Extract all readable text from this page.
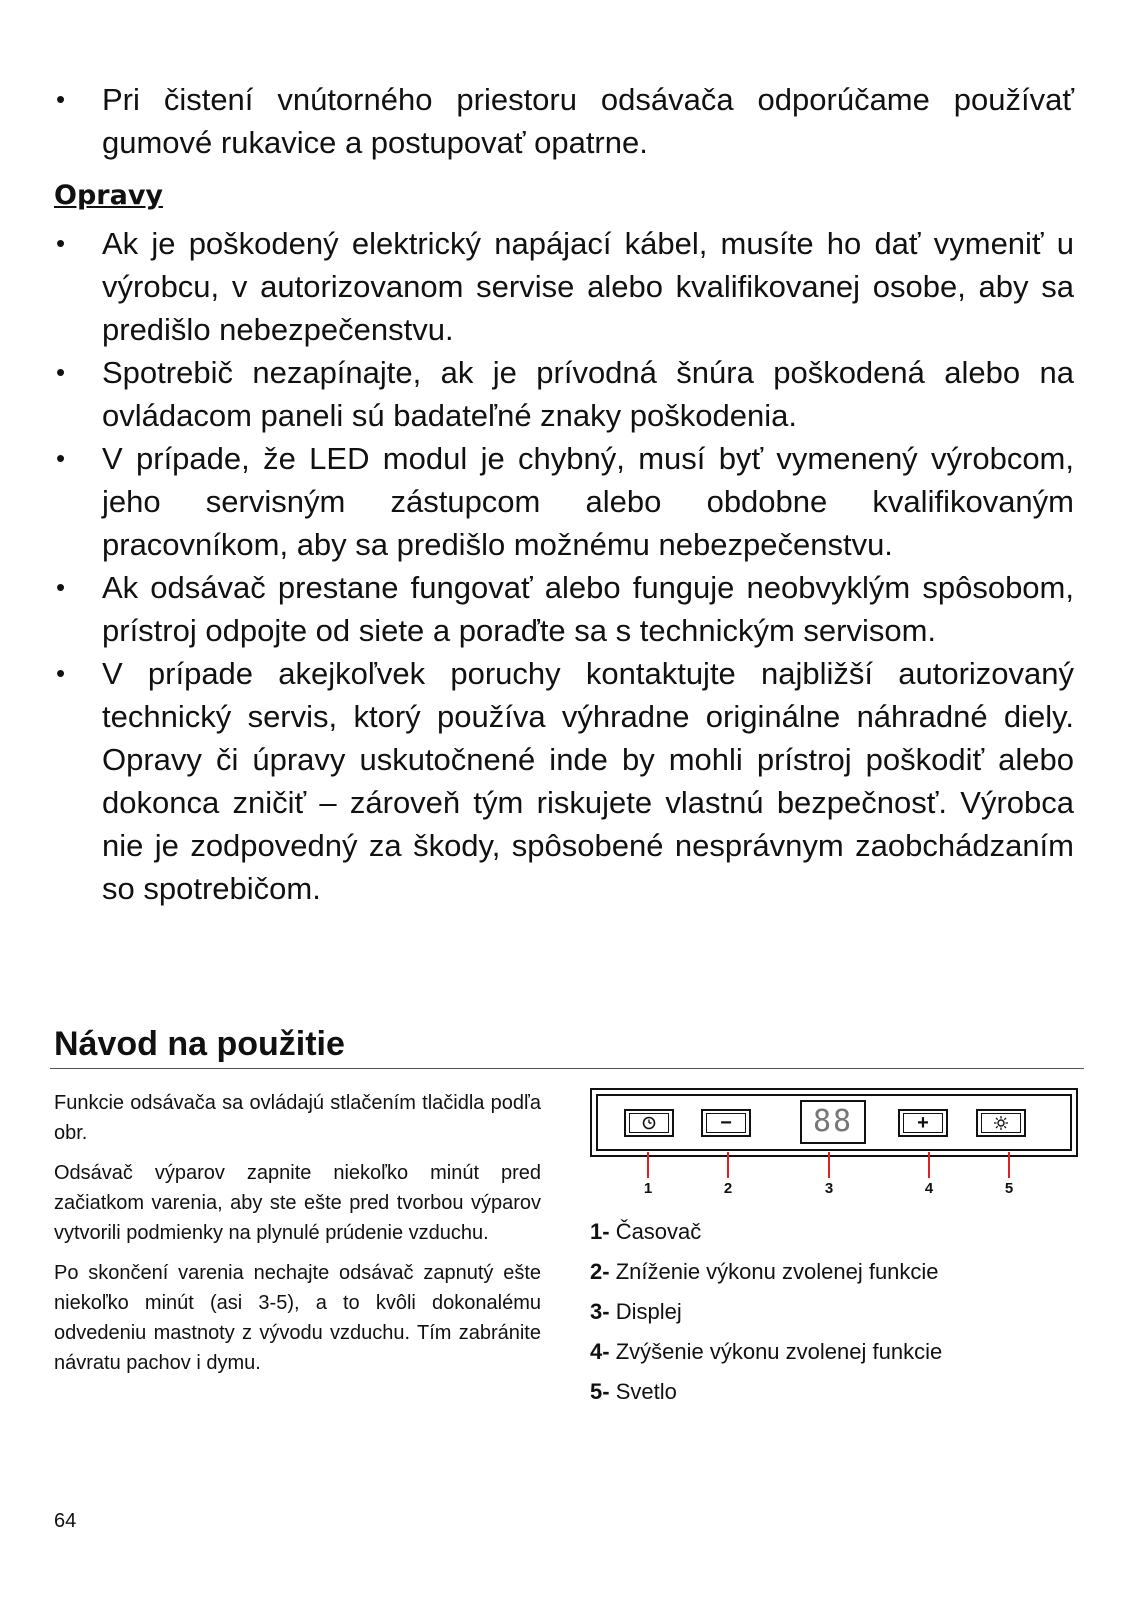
• Pri čistení vnútorného priestoru odsávača odporúčame používať gumové rukavice a postupovať opatrne.
Opravy
• Ak je poškodený elektrický napájací kábel, musíte ho dať vymeniť u výrobcu, v autorizovanom servise alebo kvalifikovanej osobe, aby sa predišlo nebezpečenstvu.
• Spotrebič nezapínajte, ak je prívodná šnúra poškodená alebo na ovládacom paneli sú badateľné znaky poškodenia.
• V prípade, že LED modul je chybný, musí byť vymenený výrobcom, jeho servisným zástupcom alebo obdobne kvalifikovaným pracovníkom, aby sa predišlo možnému nebezpečenstvu.
• Ak odsávač prestane fungovať alebo funguje neobvyklým spôsobom, prístroj odpojte od siete a poraďte sa s technickým servisom.
• V prípade akejkoľvek poruchy kontaktujte najbližší autorizovaný technický servis, ktorý používa výhradne originálne náhradné diely. Opravy či úpravy uskutočnené inde by mohli prístroj poškodiť alebo dokonca zničiť – zároveň tým riskujete vlastnú bezpečnosť. Výrobca nie je zodpovedný za škody, spôsobené nesprávnym zaobchádzaním so spotrebičom.
Návod na použitie

Funkcie odsávača sa ovládajú stlačením tlačidla podľa obr.

Odsávač výparov zapnite niekoľko minút pred začiatkom varenia, aby ste ešte pred tvorbou výparov vytvorili podmienky na plynulé prúdenie vzduchu.

Po skončení varenia nechajte odsávač zapnutý ešte niekoľko minút (asi 3-5), a to kvôli dokonalému odvedeniu mastnoty z vývodu vzduchu. Tím zabránite návratu pachov i dymu.

−	88	+
1	2	3	4	5

1- Časovač

2- Zníženie výkonu zvolenej funkcie

3- Displej

4- Zvýšenie výkonu zvolenej funkcie

5- Svetlo

64
